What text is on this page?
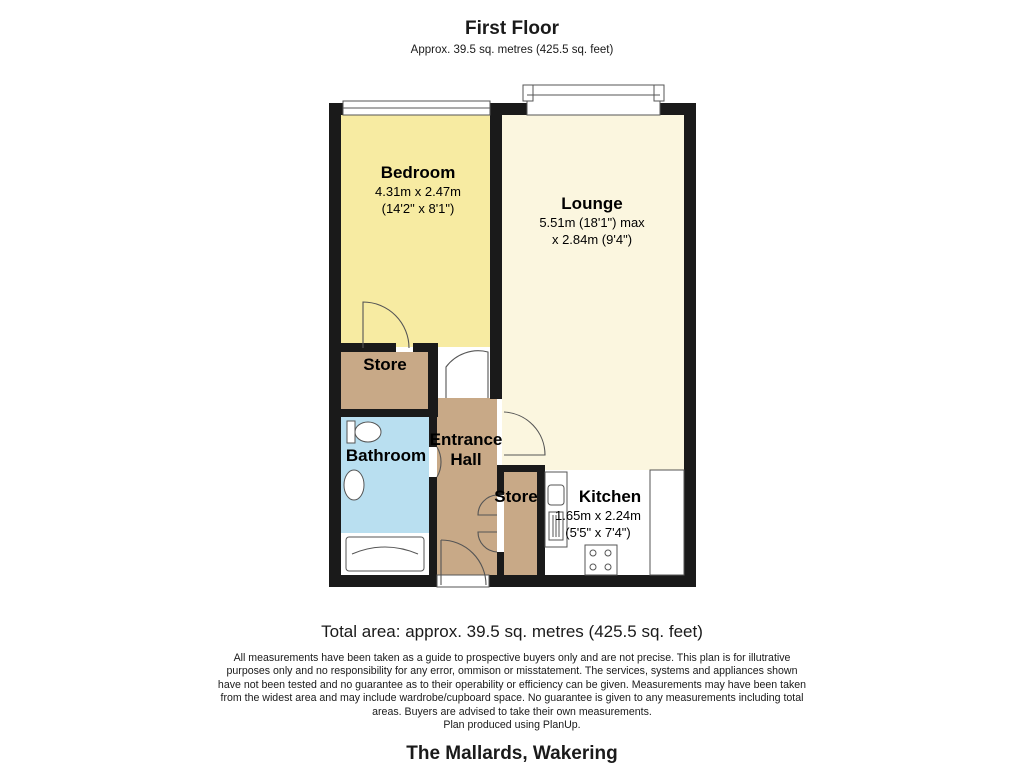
First Floor
Approx. 39.5 sq. metres (425.5 sq. feet)
Bedroom
4.31m x 2.47m
(14'2" x 8'1")	Lounge
5.51m (18'1") max
x 2.84m (9'4")
Store
Entrance
Hall
Bathroom
Store Kitchen
1.65m x 2.24m
(5'5" x 7'4")
Total area: approx. 39.5 sq. metres (425.5 sq. feet)
All measurements have been taken as a guide to prospective buyers only and are not precise. This plan is for illutrative
purposes only and no responsibility for any error, ommison or misstatement. The services, systems and appliances shown
have not been tested and no guarantee as to their operability or efficiency can be given. Measurements may have been taken
from the widest area and may include wardrobe/cupboard space. No guarantee is given to any measurements including total
areas. Buyers are advised to take their own measurements.
Plan produced using PlanUp.
The Mallards, Wakering
